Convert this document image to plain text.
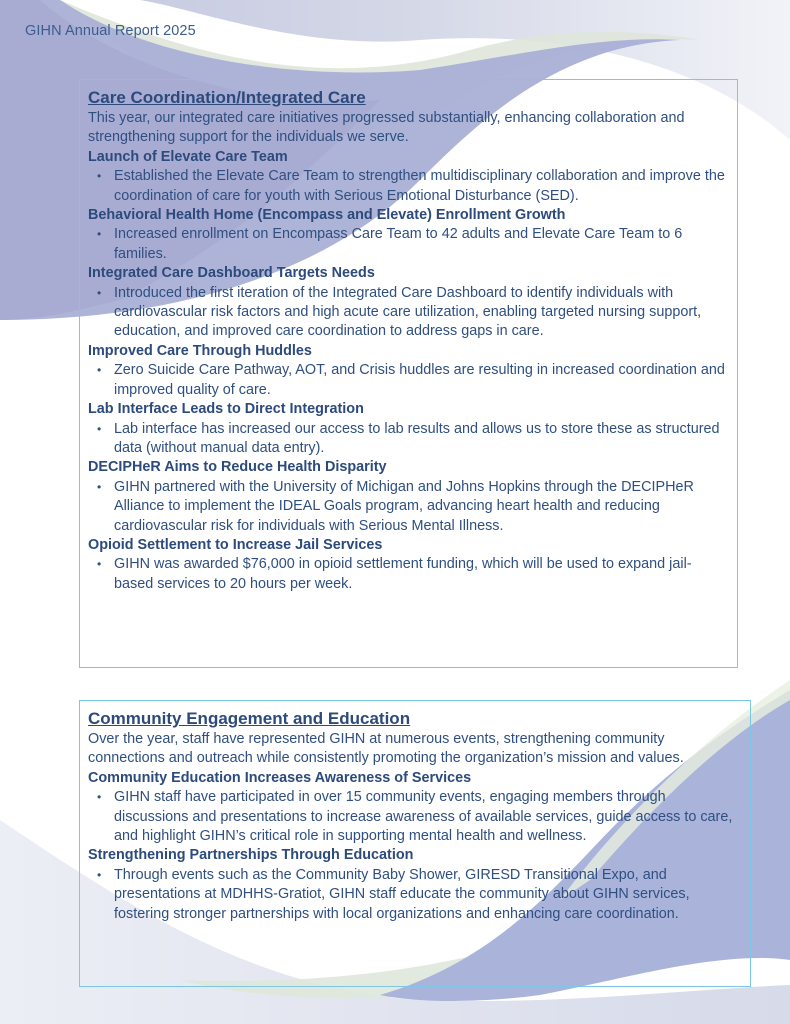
GIHN Annual Report 2025
Care Coordination/Integrated Care
This year, our integrated care initiatives progressed substantially, enhancing collaboration and strengthening support for the individuals we serve.
Launch of Elevate Care Team
• Established the Elevate Care Team to strengthen multidisciplinary collaboration and improve the coordination of care for youth with Serious Emotional Disturbance (SED).
Behavioral Health Home (Encompass and Elevate) Enrollment Growth
• Increased enrollment on Encompass Care Team to 42 adults and Elevate Care Team to 6 families.
Integrated Care Dashboard Targets Needs
• Introduced the first iteration of the Integrated Care Dashboard to identify individuals with cardiovascular risk factors and high acute care utilization, enabling targeted nursing support, education, and improved care coordination to address gaps in care.
Improved Care Through Huddles
• Zero Suicide Care Pathway, AOT, and Crisis huddles are resulting in increased coordination and improved quality of care.
Lab Interface Leads to Direct Integration
• Lab interface has increased our access to lab results and allows us to store these as structured data (without manual data entry).
DECIPHeR Aims to Reduce Health Disparity
• GIHN partnered with the University of Michigan and Johns Hopkins through the DECIPHeR Alliance to implement the IDEAL Goals program, advancing heart health and reducing cardiovascular risk for individuals with Serious Mental Illness.
Opioid Settlement to Increase Jail Services
• GIHN was awarded $76,000 in opioid settlement funding, which will be used to expand jail-based services to 20 hours per week.
Community Engagement and Education
Over the year, staff have represented GIHN at numerous events, strengthening community connections and outreach while consistently promoting the organization’s mission and values.
Community Education Increases Awareness of Services
• GIHN staff have participated in over 15 community events, engaging members through discussions and presentations to increase awareness of available services, guide access to care, and highlight GIHN’s critical role in supporting mental health and wellness.
Strengthening Partnerships Through Education
• Through events such as the Community Baby Shower, GIRESD Transitional Expo, and presentations at MDHHS-Gratiot, GIHN staff educate the community about GIHN services, fostering stronger partnerships with local organizations and enhancing care coordination.
